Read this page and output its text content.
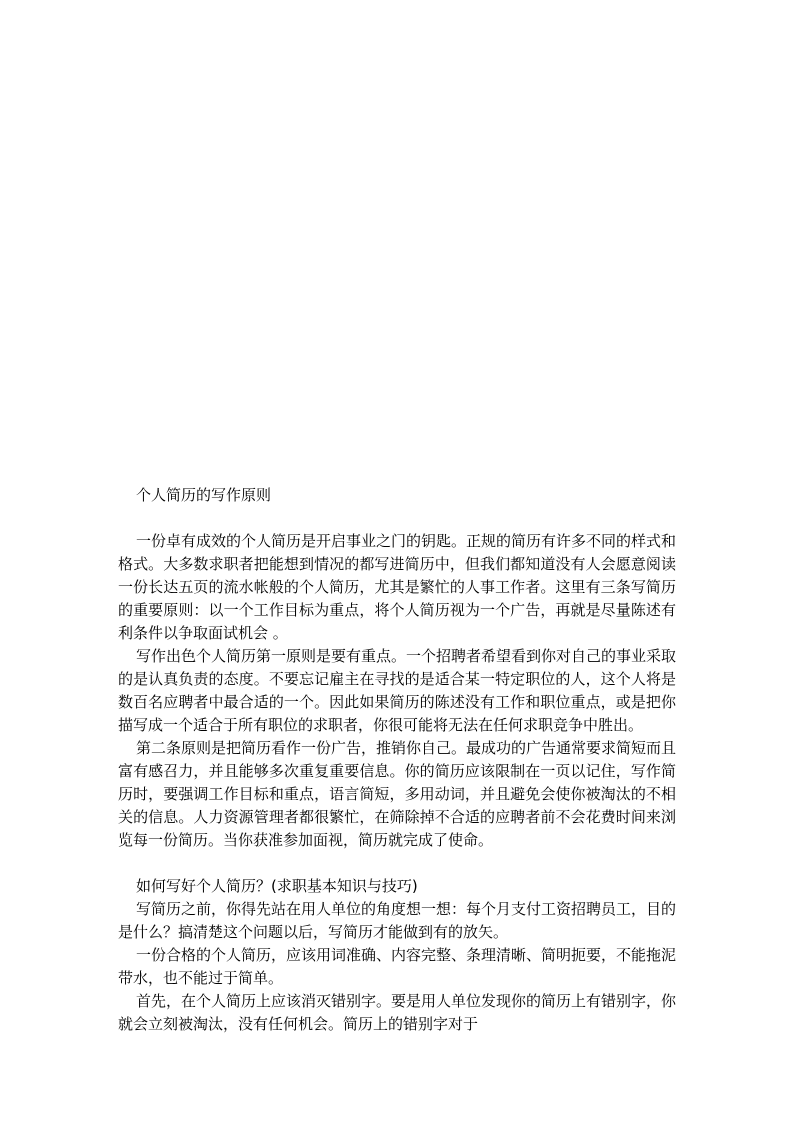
个人简历的写作原则

一份卓有成效的个人简历是开启事业之门的钥匙。正规的简历有许多不同的样式和格式。大多数求职者把能想到情况的都写进简历中，但我们都知道没有人会愿意阅读一份长达五页的流水帐般的个人简历，尤其是繁忙的人事工作者。这里有三条写简历的重要原则：以一个工作目标为重点，将个人简历视为一个广告，再就是尽量陈述有利条件以争取面试机会 。

写作出色个人简历第一原则是要有重点。一个招聘者希望看到你对自己的事业采取的是认真负责的态度。不要忘记雇主在寻找的是适合某一特定职位的人，这个人将是数百名应聘者中最合适的一个。因此如果简历的陈述没有工作和职位重点，或是把你描写成一个适合于所有职位的求职者，你很可能将无法在任何求职竞争中胜出。

第二条原则是把简历看作一份广告，推销你自己。最成功的广告通常要求简短而且富有感召力，并且能够多次重复重要信息。你的简历应该限制在一页以记住，写作简历时，要强调工作目标和重点，语言简短，多用动词，并且避免会使你被淘汰的不相关的信息。人力资源管理者都很繁忙，在筛除掉不合适的应聘者前不会花费时间来浏览每一份简历。当你获准参加面视，简历就完成了使命。

如何写好个人简历？(求职基本知识与技巧)

写简历之前，你得先站在用人单位的角度想一想：每个月支付工资招聘员工，目的是什么？搞清楚这个问题以后，写简历才能做到有的放矢。

一份合格的个人简历，应该用词准确、内容完整、条理清晰、简明扼要，不能拖泥带水，也不能过于简单。

首先，在个人简历上应该消灭错别字。要是用人单位发现你的简历上有错别字，你就会立刻被淘汰，没有任何机会。简历上的错别字对于
